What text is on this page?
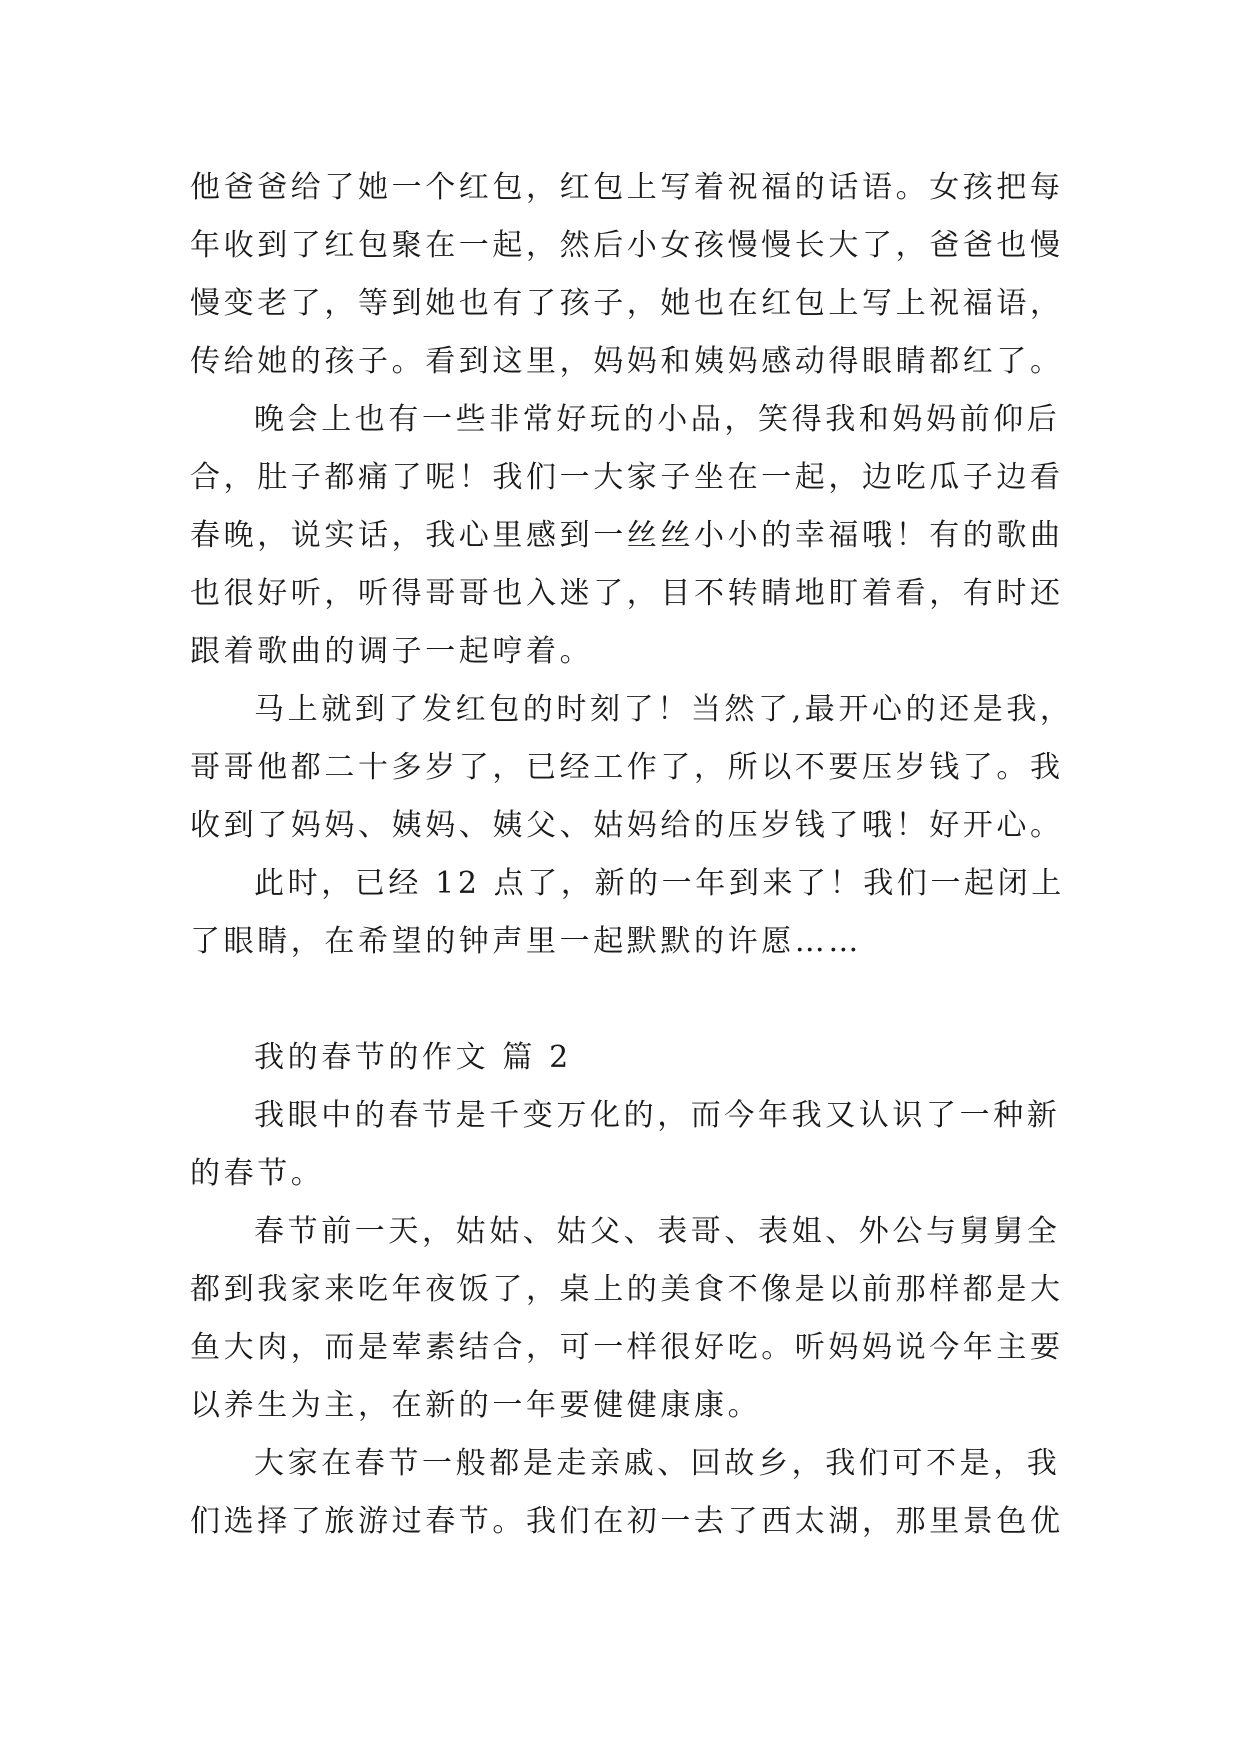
他爸爸给了她一个红包，红包上写着祝福的话语。女孩把每
年收到了红包聚在一起，然后小女孩慢慢长大了，爸爸也慢
慢变老了，等到她也有了孩子，她也在红包上写上祝福语，
传给她的孩子。看到这里，妈妈和姨妈感动得眼睛都红了。
晚会上也有一些非常好玩的小品，笑得我和妈妈前仰后
合，肚子都痛了呢！我们一大家子坐在一起，边吃瓜子边看
春晚，说实话，我心里感到一丝丝小小的幸福哦！有的歌曲
也很好听，听得哥哥也入迷了，目不转睛地盯着看，有时还
跟着歌曲的调子一起哼着。
马上就到了发红包的时刻了！当然了,最开心的还是我，
哥哥他都二十多岁了，已经工作了，所以不要压岁钱了。我
收到了妈妈、姨妈、姨父、姑妈给的压岁钱了哦！好开心。
此时，已经 12 点了，新的一年到来了！我们一起闭上
了眼睛，在希望的钟声里一起默默的许愿……
我的春节的作文 篇 2
我眼中的春节是千变万化的，而今年我又认识了一种新
的春节。
春节前一天，姑姑、姑父、表哥、表姐、外公与舅舅全
都到我家来吃年夜饭了，桌上的美食不像是以前那样都是大
鱼大肉，而是荤素结合，可一样很好吃。听妈妈说今年主要
以养生为主，在新的一年要健健康康。
大家在春节一般都是走亲戚、回故乡，我们可不是，我
们选择了旅游过春节。我们在初一去了西太湖，那里景色优
